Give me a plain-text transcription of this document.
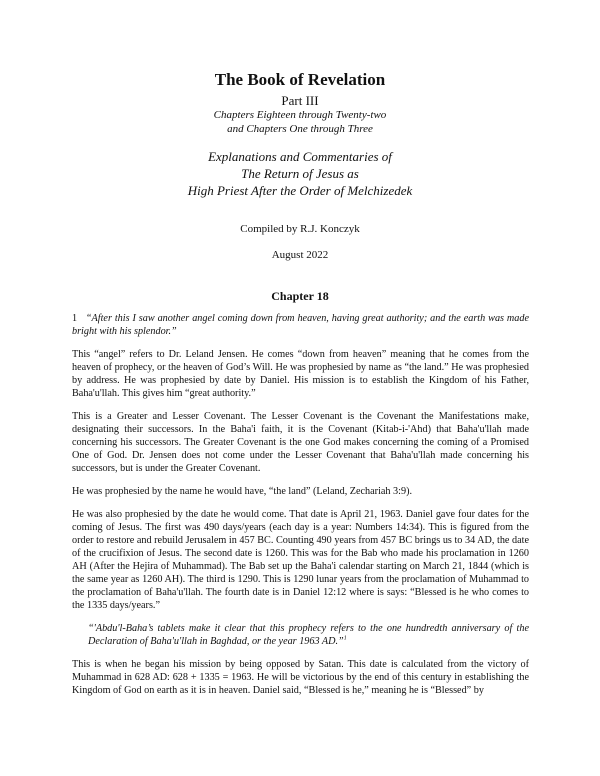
The Book of Revelation
Part III
Chapters Eighteen through Twenty-two
and Chapters One through Three
Explanations and Commentaries of
The Return of Jesus as
High Priest After the Order of Melchizedek
Compiled by R.J. Konczyk
August 2022
Chapter 18

1 “After this I saw another angel coming down from heaven, having great authority; and the earth was made bright with his splendor.”

This “angel” refers to Dr. Leland Jensen. He comes “down from heaven” meaning that he comes from the heaven of prophecy, or the heaven of God’s Will. He was prophesied by name as “the land.” He was prophesied by address. He was prophesied by date by Daniel. His mission is to establish the Kingdom of his Father, Baha'u'llah. This gives him “great authority.”

This is a Greater and Lesser Covenant. The Lesser Covenant is the Covenant the Manifestations make, designating their successors. In the Baha'i faith, it is the Covenant (Kitab-i-'Ahd) that Baha'u'llah made concerning his successors. The Greater Covenant is the one God makes concerning the coming of a Promised One of God. Dr. Jensen does not come under the Lesser Covenant that Baha'u'llah made concerning his successors, but is under the Greater Covenant.

He was prophesied by the name he would have, “the land” (Leland, Zechariah 3:9).

He was also prophesied by the date he would come. That date is April 21, 1963. Daniel gave four dates for the coming of Jesus. The first was 490 days/years (each day is a year: Numbers 14:34). This is figured from the order to restore and rebuild Jerusalem in 457 BC. Counting 490 years from 457 BC brings us to 34 AD, the date of the crucifixion of Jesus. The second date is 1260. This was for the Bab who made his proclamation in 1260 AH (After the Hejira of Muhammad). The Bab set up the Baha'i calendar starting on March 21, 1844 (which is the same year as 1260 AH). The third is 1290. This is 1290 lunar years from the proclamation of Muhammad to the proclamation of Baha'u'llah. The fourth date is in Daniel 12:12 where is says: “Blessed is he who comes to the 1335 days/years.”

“'Abdu'l-Baha’s tablets make it clear that this prophecy refers to the one hundredth anniversary of the Declaration of Baha'u'llah in Baghdad, or the year 1963 AD.”$^1$

This is when he began his mission by being opposed by Satan. This date is calculated from the victory of Muhammad in 628 AD: 628 + 1335 = 1963. He will be victorious by the end of this century in establishing the Kingdom of God on earth as it is in heaven. Daniel said, “Blessed is he,” meaning he is “Blessed” by
